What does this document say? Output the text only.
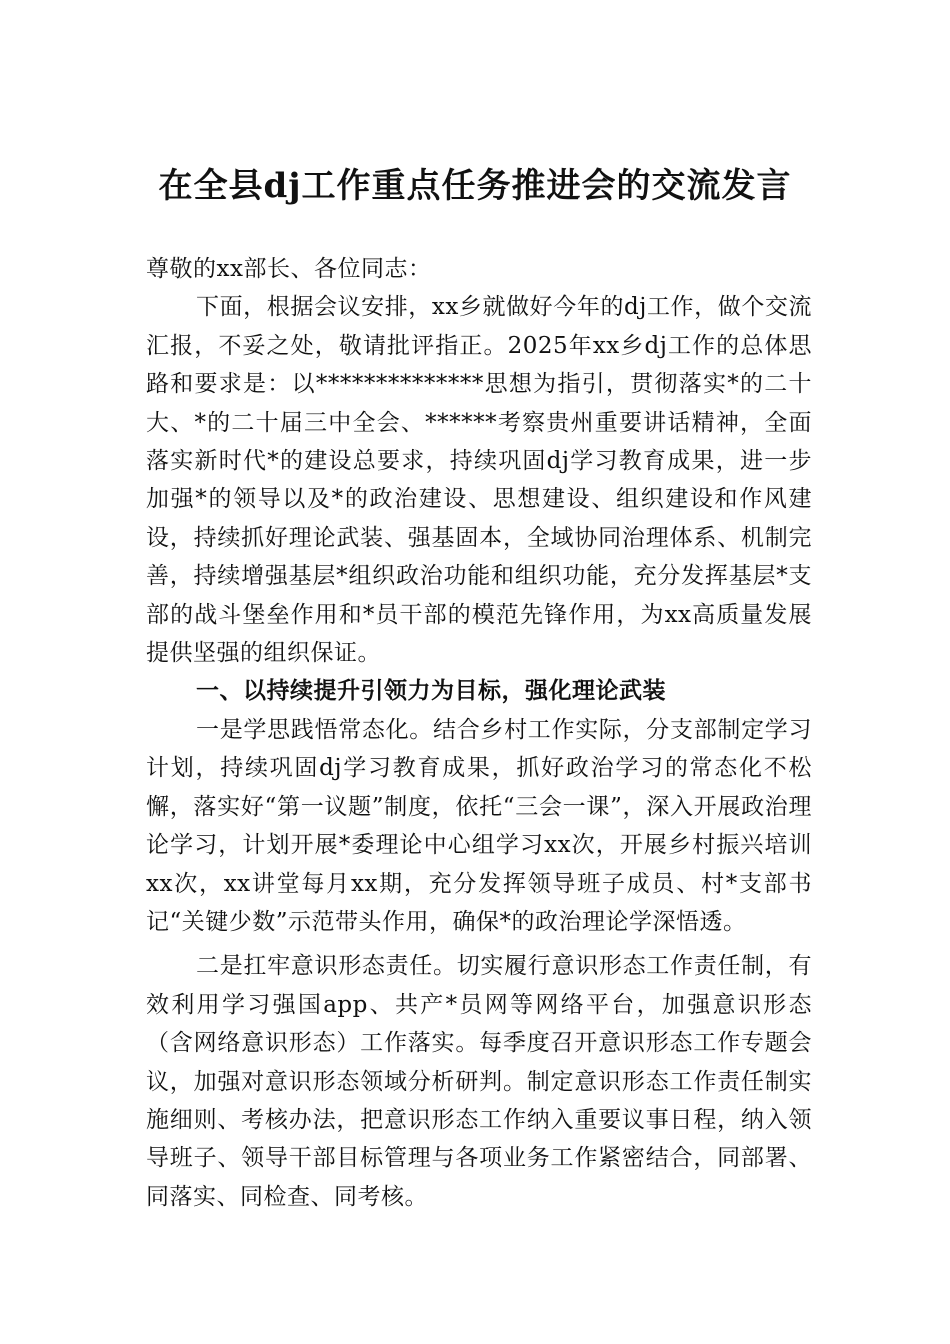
在全县dj工作重点任务推进会的交流发言

尊敬的xx部长、各位同志：

下面，根据会议安排，xx乡就做好今年的dj工作，做个交流汇报，不妥之处，敬请批评指正。2025年xx乡dj工作的总体思路和要求是：以**************思想为指引，贯彻落实*的二十大、*的二十届三中全会、******考察贵州重要讲话精神，全面落实新时代*的建设总要求，持续巩固dj学习教育成果，进一步加强*的领导以及*的政治建设、思想建设、组织建设和作风建设，持续抓好理论武装、强基固本，全域协同治理体系、机制完善，持续增强基层*组织政治功能和组织功能，充分发挥基层*支部的战斗堡垒作用和*员干部的模范先锋作用，为xx高质量发展提供坚强的组织保证。

一、以持续提升引领力为目标，强化理论武装

一是学思践悟常态化。结合乡村工作实际，分支部制定学习计划，持续巩固dj学习教育成果，抓好政治学习的常态化不松懈，落实好“第一议题”制度，依托“三会一课”，深入开展政治理论学习，计划开展*委理论中心组学习xx次，开展乡村振兴培训xx次，xx讲堂每月xx期，充分发挥领导班子成员、村*支部书记“关键少数”示范带头作用，确保*的政治理论学深悟透。

二是扛牢意识形态责任。切实履行意识形态工作责任制，有效利用学习强国app、共产*员网等网络平台，加强意识形态（含网络意识形态）工作落实。每季度召开意识形态工作专题会议，加强对意识形态领域分析研判。制定意识形态工作责任制实施细则、考核办法，把意识形态工作纳入重要议事日程，纳入领导班子、领导干部目标管理与各项业务工作紧密结合，同部署、同落实、同检查、同考核。
